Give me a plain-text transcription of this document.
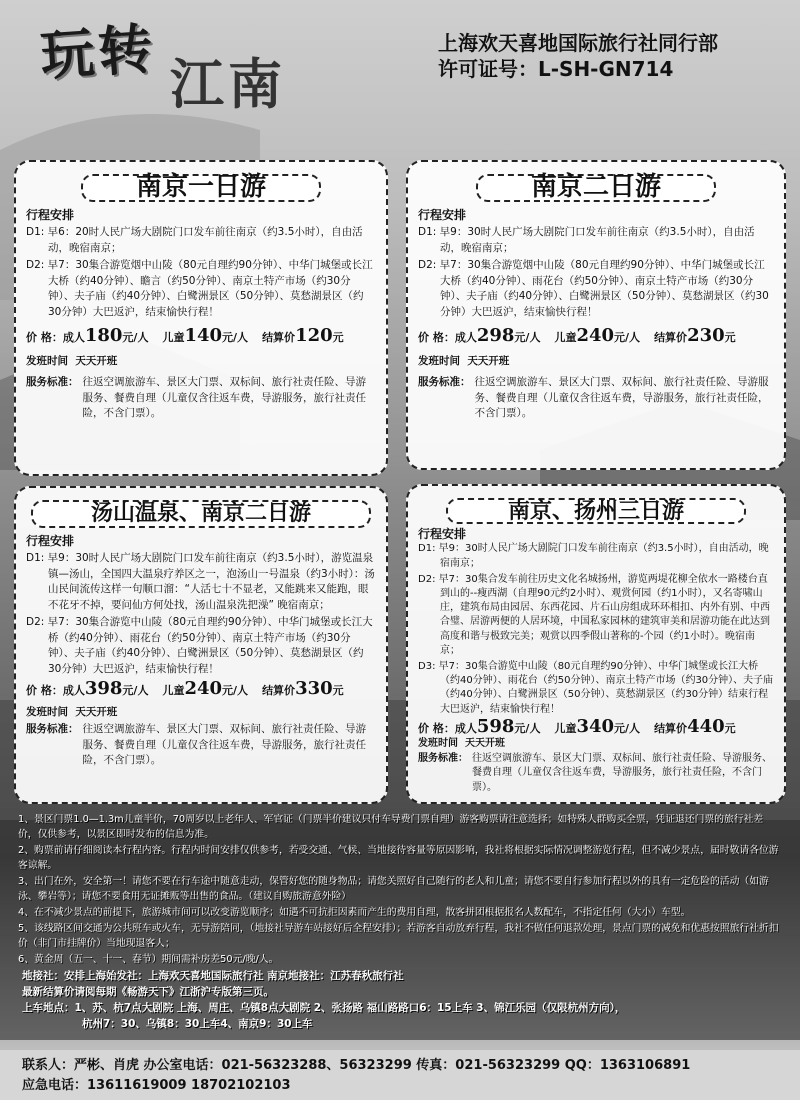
玩转 江南
上海欢天喜地国际旅行社同行部
许可证号：L-SH-GN714
南京一日游
行程安排
D1: 早6：20时人民广场大剧院门口发车前往南京（约3.5小时），自由活动，晚宿南京；
D2: 早7：30集合游览烟中山陵（80元自理约90分钟）、中华门城堡或长江大桥（约40分钟）、瞻言（约50分钟）、南京土特产市场（约30分钟）、夫子庙（约40分钟）、白鹭洲景区（50分钟）、莫愁湖景区（约30分钟）大巴返沪，结束愉快行程！
价 格：成人180元/人 儿童140元/人 结算价120元
发班时间 天天开班
服务标准： 往返空调旅游车、景区大门票、双标间、旅行社责任险、导游服务、餐费自理（儿童仅含往返车费，导游服务，旅行社责任险，不含门票）。
南京二日游
行程安排
D1: 早9：30时人民广场大剧院门口发车前往南京（约3.5小时），自由活动，晚宿南京；
D2: 早7：30集合游览烟中山陵（80元自理约90分钟）、中华门城堡或长江大桥（约40分钟）、雨花台（约50分钟）、南京土特产市场（约30分钟）、夫子庙（约40分钟）、白鹭洲景区（50分钟）、莫愁湖景区（约30分钟）大巴返沪，结束愉快行程！
价 格：成人298元/人 儿童240元/人 结算价230元
发班时间 天天开班
服务标准： 往返空调旅游车、景区大门票、双标间、旅行社责任险、导游服务、餐费自理（儿童仅含往返车费，导游服务，旅行社责任险，不含门票）。
汤山温泉、南京二日游
行程安排
D1: 早9：30时人民广场大剧院门口发车前往南京（约3.5小时），游览温泉镇—汤山，全国四大温泉疗养区之一，泡汤山一号温泉（约3小时）：汤山民间流传这样一句顺口溜：“人活七十不显老，又能跳来又能跑，眼不花牙不掉，要问仙方何处找，汤山温泉洗把澡” 晚宿南京；
D2: 早7：30集合游览中山陵（80元自理约90分钟）、中华门城堡或长江大桥（约40分钟）、雨花台（约50分钟）、南京土特产市场（约30分钟）、夫子庙（约40分钟）、白鹭洲景区（50分钟）、莫愁湖景区（约30分钟）大巴返沪，结束愉快行程！
价 格：成人398元/人 儿童240元/人 结算价330元
发班时间 天天开班
服务标准： 往返空调旅游车、景区大门票、双标间、旅行社责任险、导游服务、餐费自理（儿童仅含往返车费，导游服务，旅行社责任险，不含门票）。
南京、扬州三日游
行程安排
D1: 早9：30时人民广场大剧院门口发车前往南京（约3.5小时），自由活动，晚宿南京；
D2: 早7：30集合发车前往历史文化名城扬州，游览两堤花柳全依水一路楼台直到山的--瘦西湖（自理90元约2小时）、观赏何园（约1小时），又名寄啸山庄，建筑布局由园居、东西花园、片石山房组成环环相扣、内外有别、中西合璧、居游两便的人居环境，中国私家园林的建筑审美和居游功能在此达到高度和谐与极致完美；观赏以四季假山著称的-个园（约1小时）。晚宿南京；
D3: 早7：30集合游览中山陵（80元自理约90分钟）、中华门城堡或长江大桥（约40分钟）、雨花台（约50分钟）、南京土特产市场（约30分钟）、夫子庙（约40分钟）、白鹭洲景区（50分钟）、莫愁湖景区（约30分钟）结束行程大巴返沪，结束愉快行程！
价 格：成人598元/人 儿童340元/人 结算价440元
发班时间 天天开班
服务标准： 往返空调旅游车、景区大门票、双标间、旅行社责任险、导游服务、餐费自理（儿童仅含往返车费，导游服务，旅行社责任险，不含门票）。
1、景区门票1.0—1.3m儿童半价，70周岁以上老年人、军官证（门票半价建议只付车导费门票自理）游客购票请注意选择；如特殊人群购买全票，凭证退还门票的旅行社差价，仅供参考，以景区即时发布的信息为准。
2、购票前请仔细阅读本行程内容。行程内时间安排仅供参考，若受交通、气候、当地接待容量等原因影响，我社将根据实际情况调整游览行程，但不减少景点，届时敬请各位游客谅解。
3、出门在外，安全第一！请您不要在行车途中随意走动，保管好您的随身物品；请您关照好自己随行的老人和儿童；请您不要自行参加行程以外的具有一定危险的活动（如游泳、攀岩等）；请您不要食用无证摊贩等出售的食品。（建议自购旅游意外险）
4、在不减少景点的前提下，旅游城市间可以改变游览顺序；如遇不可抗拒因素而产生的费用自理，散客拼团根据报名人数配车，不指定任何（大小）车型。
5、该线路区间交通为公共班车或火车，无导游陪同，（地接社导游车站接好后全程安排）；若游客自动放弃行程，我社不做任何退款处理，景点门票的减免和优惠按照旅行社折扣价（非门市挂牌价）当地现退客人；
6、黄金周（五一、十一、春节）期间需补房差50元/晚/人。
地接社：安排上海始发社：上海欢天喜地国际旅行社 南京地接社：江苏春秋旅行社
最新结算价请阅每期《畅游天下》江浙沪专版第三页。
上车地点：1、苏、杭7点大剧院 上海、周庄、乌镇8点大剧院 2、张扬路 福山路路口6：15上车 3、锦江乐园（仅限杭州方向），
杭州7：30、乌镇8：30上车4、南京9：30上车
联系人：严彬、肖虎 办公室电话：021-56323288、56323299 传真：021-56323299 QQ：1363106891
应急电话：13611619009 18702102103
